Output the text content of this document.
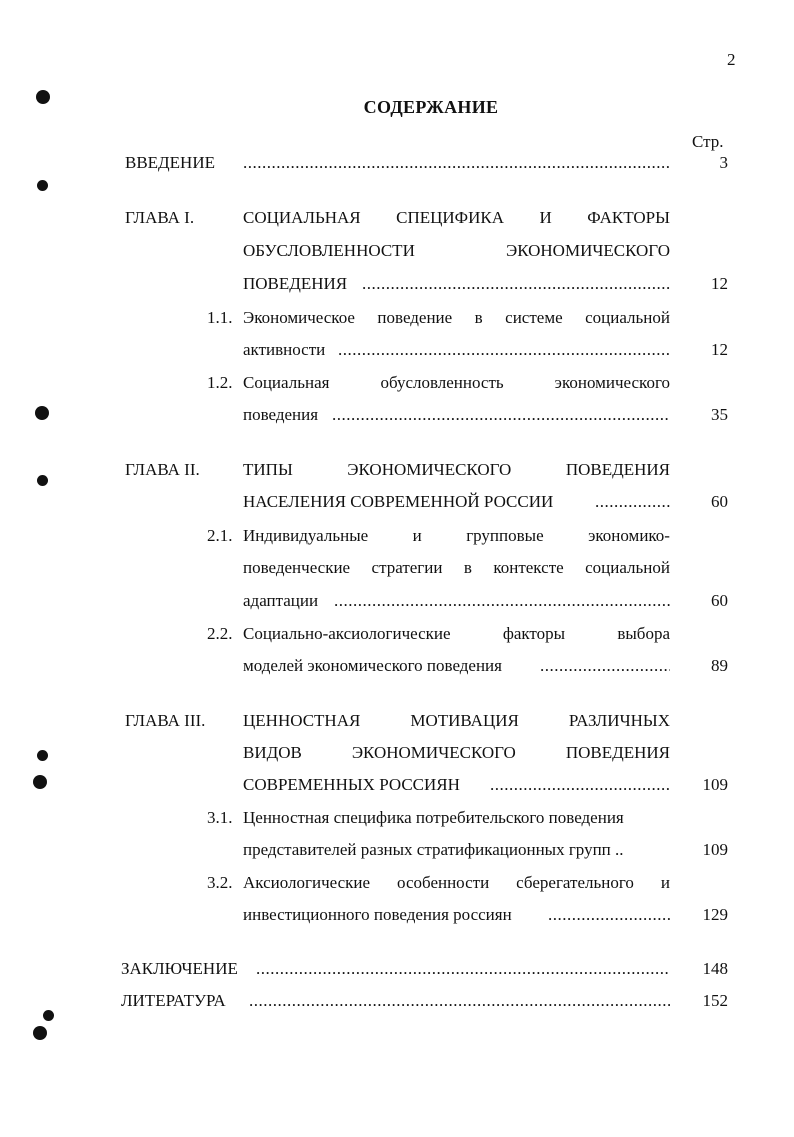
2
СОДЕРЖАНИЕ
Стр.
ВВЕДЕНИЕ .....	3
ГЛАВА I.	СОЦИАЛЬНАЯ СПЕЦИФИКА И ФАКТОРЫ
ОБУСЛОВЛЕННОСТИ	ЭКОНОМИЧЕСКОГО
ПОВЕДЕНИЯ .....	12
1.1. Экономическое поведение в системе социальной
активности .....	12
1.2. Социальная	обусловленность	экономического
поведения .....	35
ГЛАВА II.	ТИПЫ	ЭКОНОМИЧЕСКОГО	ПОВЕДЕНИЯ
НАСЕЛЕНИЯ СОВРЕМЕННОЙ РОССИИ .....	60
2.1. Индивидуальные	и	групповые	экономико-
поведенческие стратегии в контексте социальной
адаптации .....	60
2.2. Социально-аксиологические	факторы	выбора
моделей экономического поведения .....	89
ГЛАВА III. ЦЕННОСТНАЯ	МОТИВАЦИЯ	РАЗЛИЧНЫХ
ВИДОВ	ЭКОНОМИЧЕСКОГО	ПОВЕДЕНИЯ
СОВРЕМЕННЫХ РОССИЯН .....	109
3.1. Ценностная специфика потребительского поведения
представителей разных стратификационных групп ..	109
3.2. Аксиологические особенности сберегательного и
инвестиционного поведения россиян .....	129
ЗАКЛЮЧЕНИЕ .....	148
ЛИТЕРАТУРА .....	152
